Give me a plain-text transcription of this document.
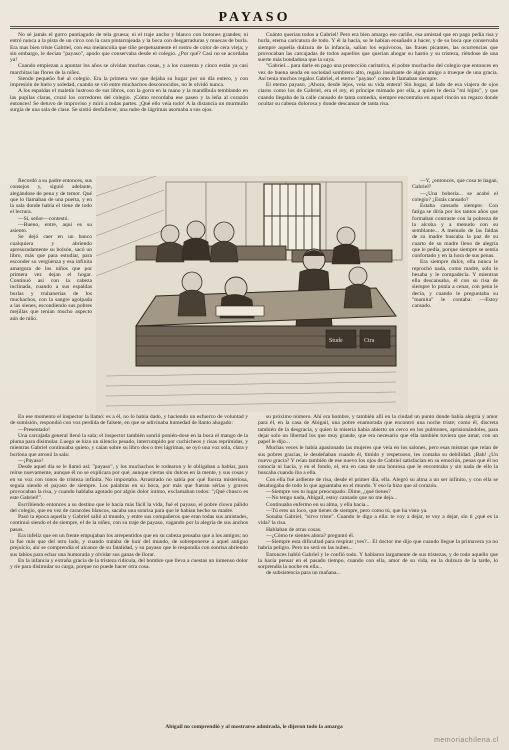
PAYASO

No sé jamás el gorro puntiagudo de tela gruesa; ni el traje ancho y blanco con botones grandes; ni entró nunca a la pista de un circo con la cara pintarrajeada y la boca con desgarraduras y muecas de burla. Era mas bien triste Gabriel, con esa melancolía que tiñe perpetuamente el rostro de color de cera vieja; y sin embargo, le decían "payaso", apodo que conservaba desde el colegio. ¿Por qué? Casi no se acordaba ya!

Cuando empiezan a apuntar los años se olvidan muchas cosas, y a los cuarenta y cinco están ya casi marchitas las flores de la niñez.

Siendo pequeño fué al colegio. Era la primera vez que dejaba su hogar por un día entero, y con impresión de hielo y soledad, cuando se vió entre muchachos desconocidos, no le olvidó nunca.

A los espaldas el maletín lustroso de sus libros, con la gorra en la mano y la mandíbula temblando en las pupilas claras, cruzó los corredores del colegio. ¡Cómo recordaba ese paseo y la leña al corazón entonces! Se detuvo de improviso y miró a todas partes. ¡Qué ello veía todo! A la distancia un murmullo surgía de una sala de clase. Se sintió desfallecer, una nube de lágrimas asomaba a sus ojos.

Cuánto querían todos a Gabriel! Pero era bien amargo ese cariño, esa amistad que en pago pedía risa y burla, eterna caricatura de todo. Y él la hacía, se le habían ensañado a hacer, y de su boca que conservaba siempre aquella dulzura de la infancia, salían los equívocos, las frases picantes, las ocurrencias que provocaban las carcajadas de todos aquellos que querían ahogar su hastío y su tristeza, riéndose de una suerte más bondadosa que la suya.

"Gabriel... para darle en pago una protección caritativa, el pobre muchacho del colegio que entonces en vez de buena senda en sociedad sombrero alto, regalo insultante de algún amigo a trueque de una gracia. Así tenía muchos regalos Gabriel, el eterno "payaso" como le llamaban siempre.

El eterno payaso, ¡Ahora, desde lejos, veía su vida entera! Sin hogar, al lado de esa viajera de ojos claros como los de Gabriel, era el rey, el príncipe mimado por ella, a quien le decía "mi hijito", y que cuando llegaba de la calle cansado de tanta comedia, siempre encontraba en aquel rincón un regazo donde ocultar su cabeza dolorosa y donde descansar de tanta risa.

Recordó a su padre entonces, sus consejos y, siguió adelante, alegándose de pena y de temor. Qué que lo llamaban de una puerta, y en la sala donde había el tiene de todo el lectura.

—Sí, señor—contestó.

—Bueno, entre, aquí es su asiento.

Se dejó caer en un banco cualquiera y abriendo apresuradamente su bolsón, sacó un libro, más que para estudiar, para esconder su vergüenza y esa infinita amargura de los niños que por primera vez dejan el hogar. Continuó así con la cabeza inclinada, cuando a sus espaldas burlas y truhanerías de los muchachos, con la sangre agolpada a las sienes, escondiendo sus pobres mejillas que tenían mucho aspecto aún de niño.

—Y, ¿entonces, que cosa te hagan, Gabriel?

—¿Una bobería... se acabó el colegio? ¿Estás cansado?

Estaba cansado siempre. Con fatiga se diría por los tantos años que formaban contraste con la pobreza de la alcoba y a menudo con su semblante... A menudo de las faldas de su madre buscaba la paz de su cuarto de su madre lleno de alegría que le pedía, porque siempre se sentía confortado y en la hora de sus penas.

Era siempre dulce, ella nunca le reprochó nada, como madre, solo le besaba y le compadecía. Y mientras ella descansaba, él con su risa de siempre lo ponía a cenar, con pena le decía, y cuando le preguntaba su "mamita" le contaba: —Estoy cansado.

Stude	Ctra

En ese momento el inspector la llamó: es a él, no lo había dado, y haciendo un esfuerzo de voluntad y de sumisión, respondió con voz perdida de falsete, en que se adivinaba humedad de llanto ahogado:

—Presentado!

Una carcajada general llenó la sala; el inspector también sonrió ponién-dose en la boca el mango de la pluma para disimular. Luego se hizo un silencio pesado, interrumpido por cuchicheos y risas reprimidas, y mientras Gabriel continuaba quieto, y caían sobre su libro dos o tres lágrimas, se oyó una voz sola, clara y burlona que atronó la sala:

—¡Payaso!

Desde aquel día se le llamó así: "payaso", y los muchachos le rodearon y le obligaban a hablar, para reírse nuevamente, aunque él no se explicara por qué, aunque ciertas sin dulces en la mente, y sus cosas y en su voz con tonos de tristeza infinita. No importaba. Arrastrado no sabía por qué fuerza misteriosa, seguía siendo el payaso de siempre. Los palabras en su boca, por más que fueran sérias y graves provocaban la risa, y cuando hablaba agotado por algún dolor íntimo, exclamaban todos: "¡Qué chusco es este Gabriel!".

Escribiendo entonces a su destino que le hacía más fácil la vida, fué el payaso, el pobre clown pálido del colegio, que en vez de caracoles blancos, sacaba una sonrisa para que le habían hecho su madre.

Pasó la época aquella y Gabriel salió al mundo, y entre sus compañeros que eran todas sus amistades, continuó siendo el de siempre, el de la niñez, con su traje de payaso, vagando por la alegría de sus anchos pasos.

Era infeliz que en un frente empujaban los arrepentidos que en su cabeza pensaba que a los amigos; no la fue más que del otro lado, y cuando trataba de huir del mundo, de sobreponerse a aquel antiguo prejuicio, ahí se comprendía el alcance de su fatalidad, y su payaso que le respondía con sonrisa abriendo sus labios para echar una humorada y olvidar sus ganas de llorar.

En la infancia y extraña gracia de la tristeza ridícula, del hombre que lleva a cuestas un inmenso dolor y ríe para disimular su carga, porque no puede hacer otra cosa.

su próximo número. Ahí era hombre, y también allí en la ciudad un punto donde había alegría y amor para él, en la casa de Abigail, una pobre enamorada que encontró una noche triste; como él, discreta también de la desgracia, y quien la miseria había abierto un cerco en los pulmones, aprisionándoles, para dejar solo un libertad los que muy grande, que era necesario que ella también tuviera que amar, con un papel le dijo...

Muchas veces le había apasionado las mujeres que veía en los salones, pero esas mismas que reían de sus pobres gracias, le desdeñaban cuando él, tímido y respetuoso, les contaba su debilidad. ¡Bah! ¿Un nuevo gracia? Y reían también de ese nuevo los ojos de Gabriel satisfacían en su emoción, penas que él no conocía ni hacía, y en el fondo, el, era en casa de una honrosa que le encontraba y sin nada de ello la buscaba cuando iba a ella.

Con ella fué ardiente de risa, desde el primer día, ella. Alegró su alma a un ser infinito, y con ella se desahogaba de todo lo que aguantaba en el mundo. Y eso la hizo que al corazón.

—Siempre ves tu lugar preocupado. Dime, ¿qué tienes?

—No tengo nada, Abigail, estoy cansado que no me deja...

Continuaba enfermo en su alma, y ella hacía...

—Tú eres un loco, que tienes de siempre, pero como tú, que ha visto ya.

Sonaba Gabriel, "sirvo triste". Cuando le digo a ella: te voy a dejar, te voy a dejar, sin ti ¿qué es la vida? la risa.

Hablaban de otras cosas.

—¿Cómo te sientes ahora? preguntó él.

—Siempre esta dificultad para respirar ¡ves?... El doctor me dijo que cuando llegue la primavera ya no habría peligro. Pero no será en las nubes...

Entonces habló Gabriel y le confió todo. Y hablaron largamente de sus tristezas, y de todo aquello que la hacía pensar en el pasado tiempo, cuando con ella, amor de su vida, en la dulzura de la tarde, lo sorprendía la noche en ella...

de subsistencia para un mañana...

Abigail no comprendió y al mostrarse admirada, le dijeron todo la amarga
memoriachilena.cl
